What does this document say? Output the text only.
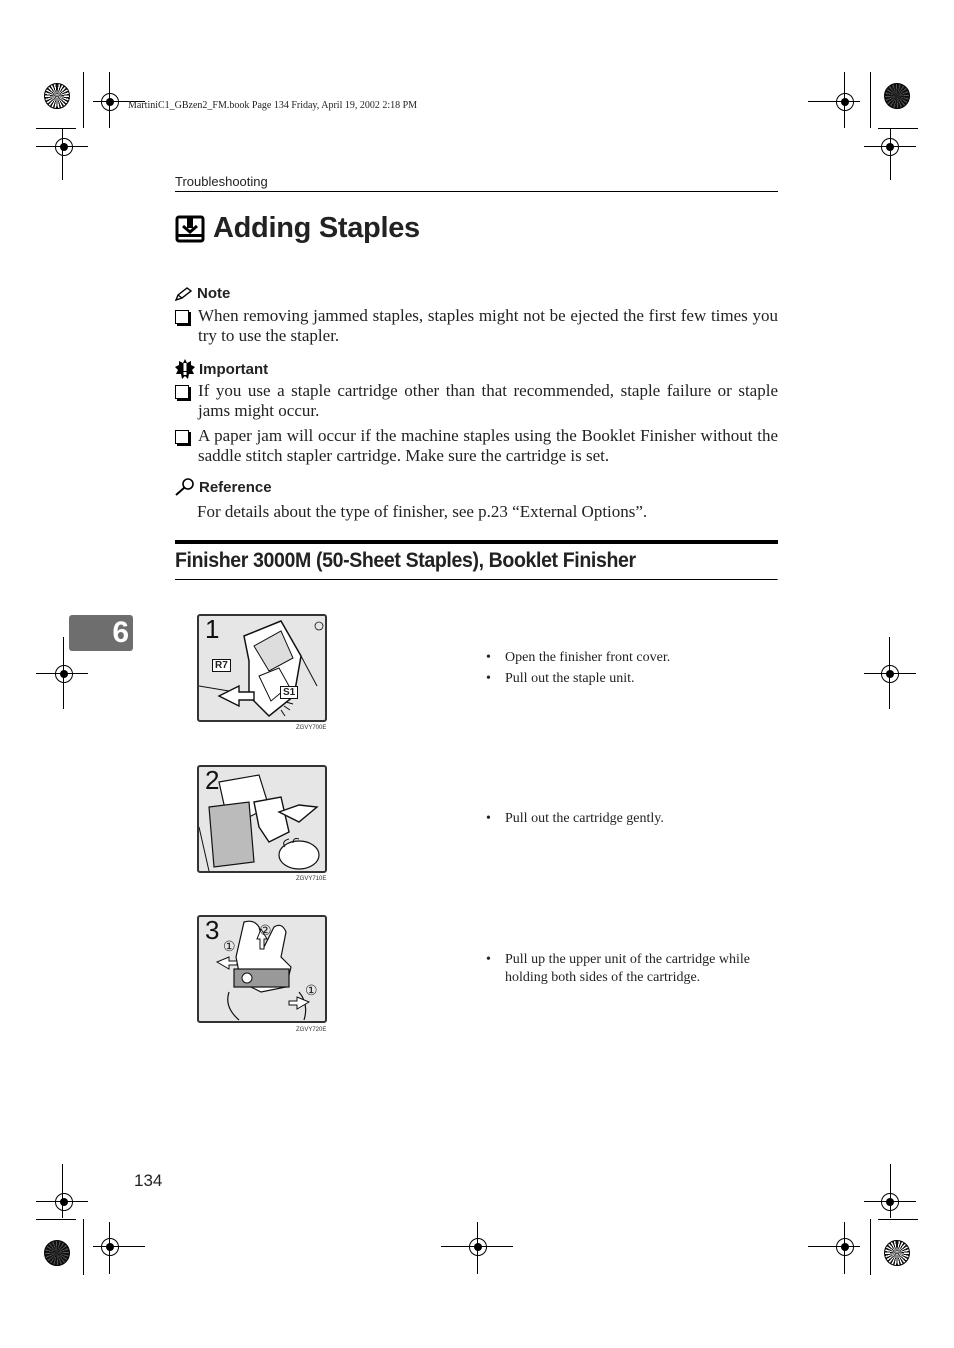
MartiniC1_GBzen2_FM.book Page 134 Friday, April 19, 2002 2:18 PM
Troubleshooting
Adding Staples
Note
When removing jammed staples, staples might not be ejected the first few times you try to use the stapler.
Important
If you use a staple cartridge other than that recommended, staple failure or staple jams might occur.
A paper jam will occur if the machine staples using the Booklet Finisher without the saddle stitch stapler cartridge. Make sure the cartridge is set.
Reference
For details about the type of finisher, see p.23 “External Options”.
Finisher 3000M (50-Sheet Staples), Booklet Finisher
6	1
R7
S1
ZGVY700E
• Open the finisher front cover.
• Pull out the staple unit.
2
ZGVY710E
• Pull out the cartridge gently.
3
①
②
①
ZGVY720E
• Pull up the upper unit of the cartridge while holding both sides of the cartridge.
134
